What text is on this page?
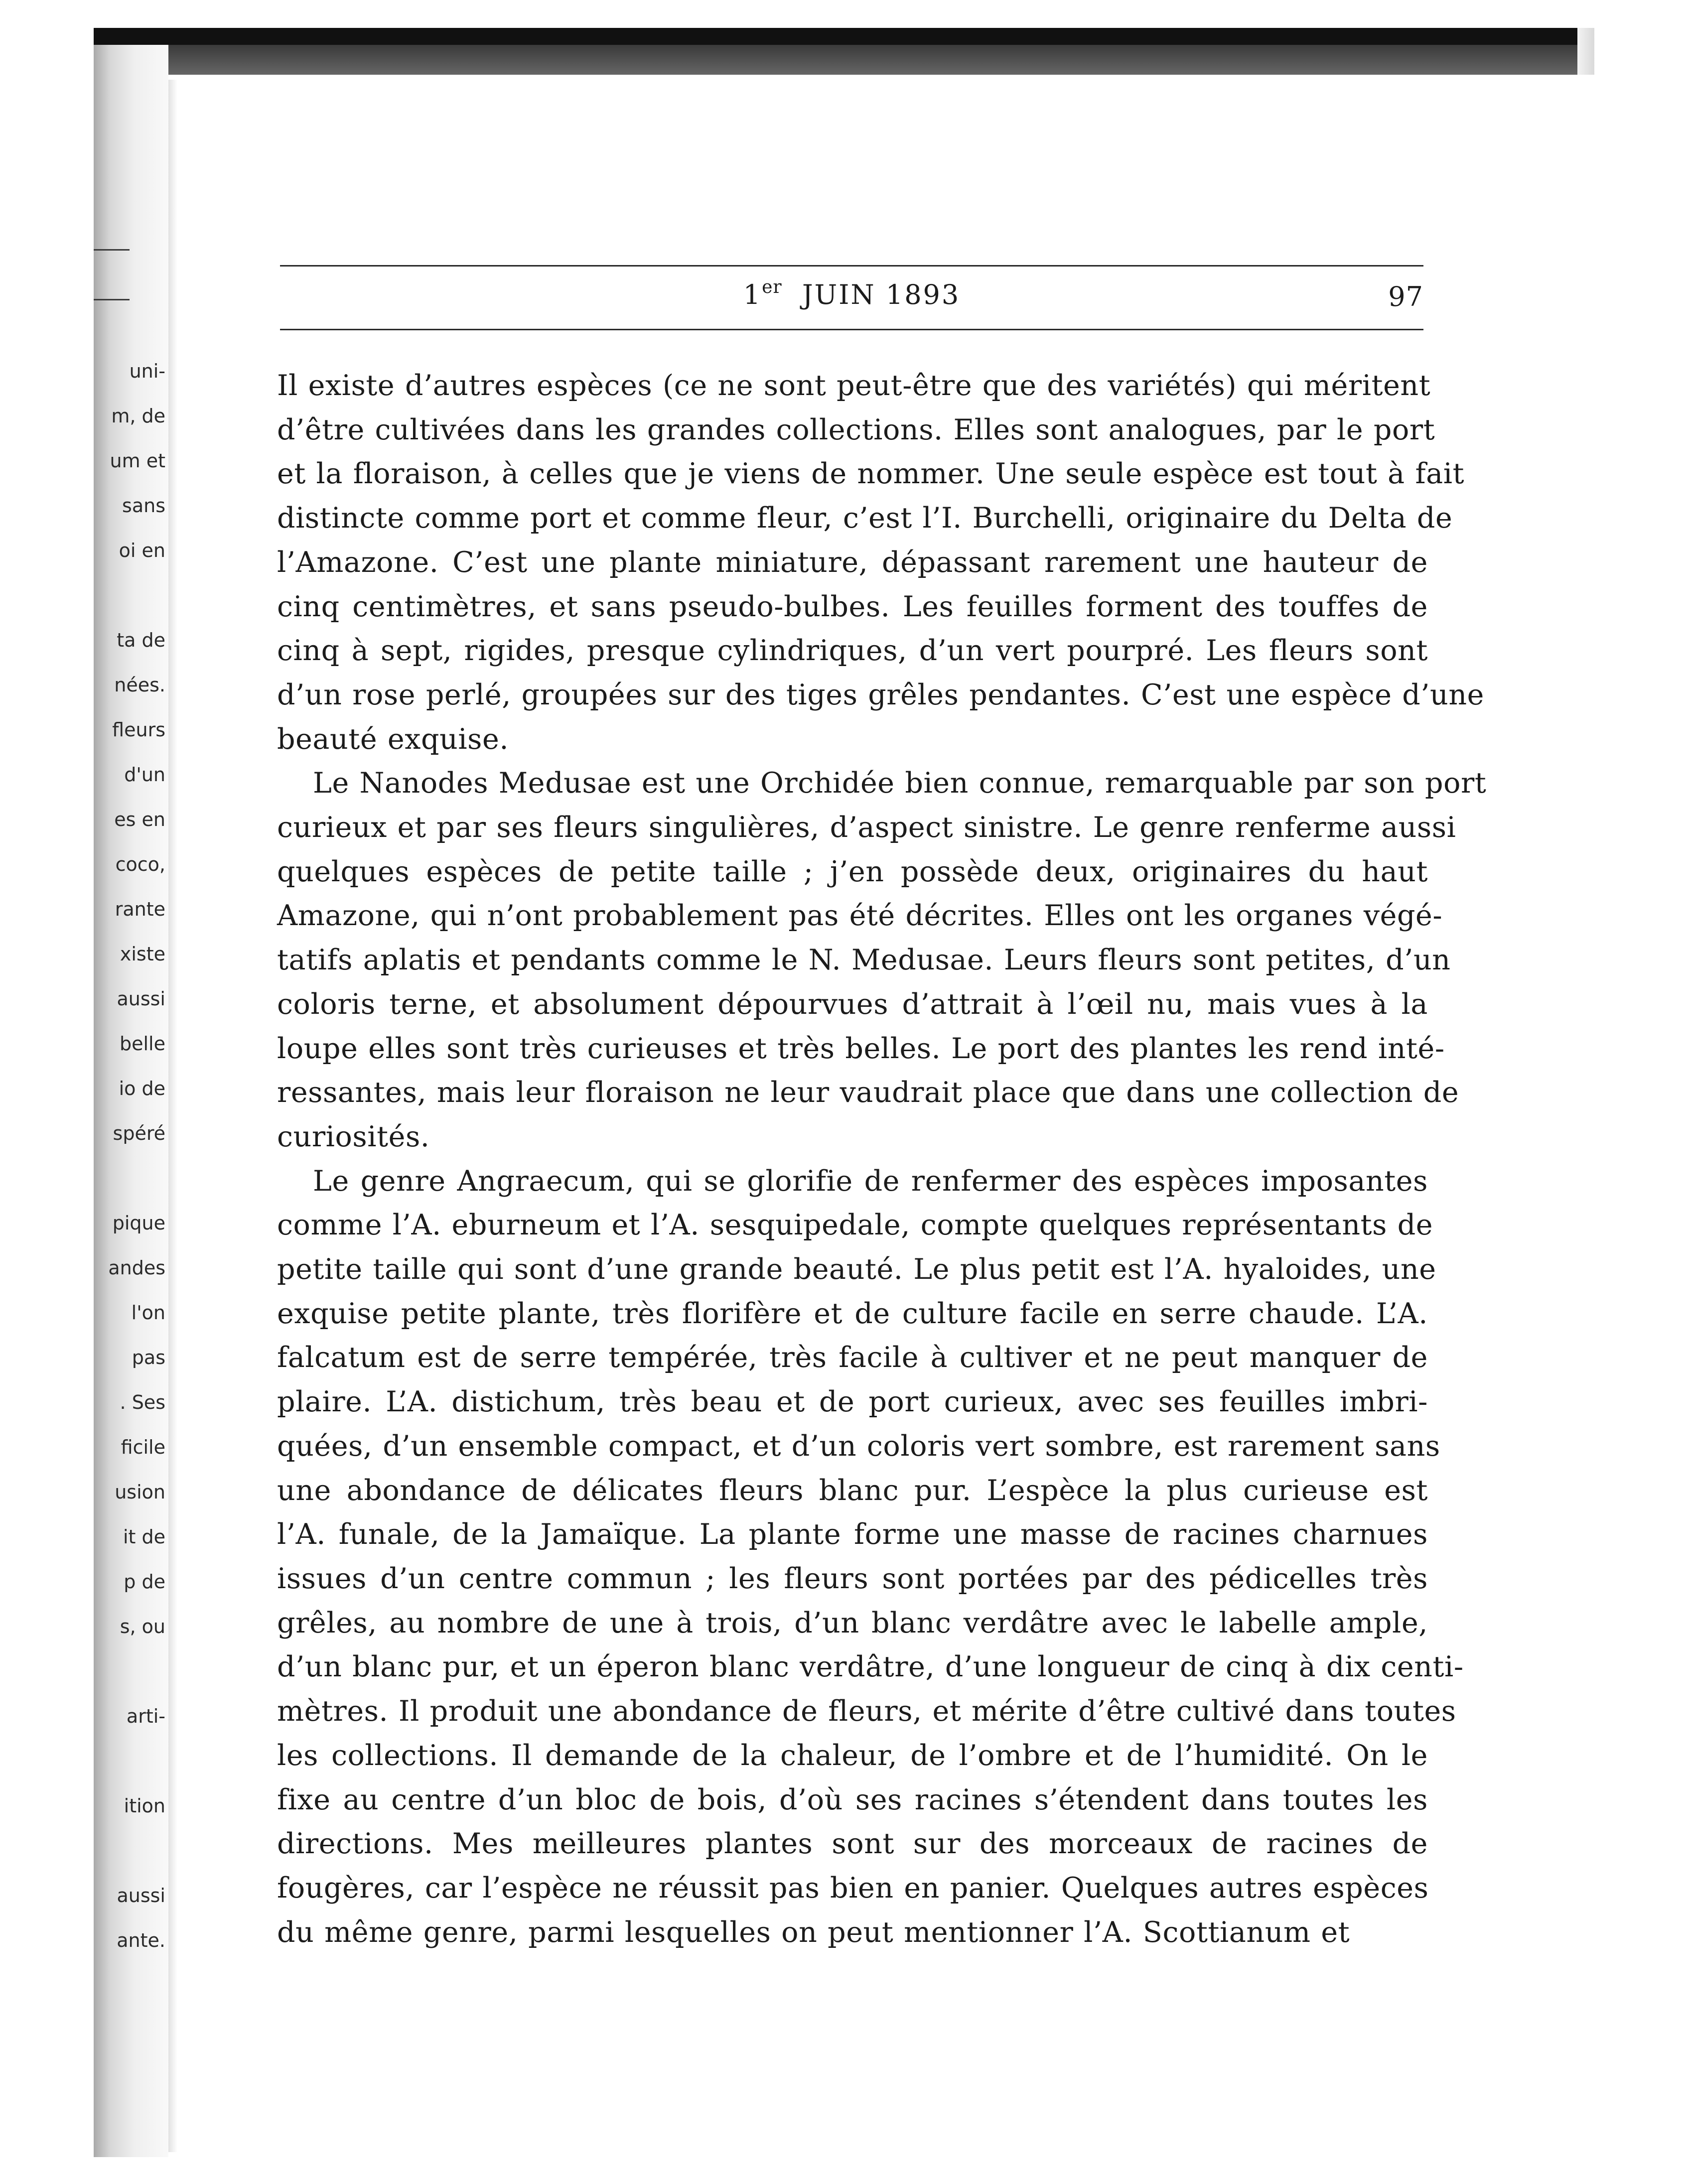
uni-
m, de
um et
sans
oi en

ta de
nées.
fleurs
d'un
es en
coco,
rante
xiste
aussi
belle
io de
spéré

pique
andes
l'on
pas
. Ses
ficile
usion
it de
p de
s, ou

arti-

ition

aussi
ante.
1er JUIN 1893	97

Il existe d’autres espèces (ce ne sont peut-être que des variétés) qui méritent
d’être cultivées dans les grandes collections. Elles sont analogues, par le port
et la floraison, à celles que je viens de nommer. Une seule espèce est tout à fait
distincte comme port et comme fleur, c’est l’I. Burchelli, originaire du Delta de
l’Amazone. C’est une plante miniature, dépassant rarement une hauteur de
cinq centimètres, et sans pseudo-bulbes. Les feuilles forment des touffes de
cinq à sept, rigides, presque cylindriques, d’un vert pourpré. Les fleurs sont
d’un rose perlé, groupées sur des tiges grêles pendantes. C’est une espèce d’une
beauté exquise.

Le Nanodes Medusae est une Orchidée bien connue, remarquable par son port
curieux et par ses fleurs singulières, d’aspect sinistre. Le genre renferme aussi
quelques espèces de petite taille ; j’en possède deux, originaires du haut
Amazone, qui n’ont probablement pas été décrites. Elles ont les organes végé-
tatifs aplatis et pendants comme le N. Medusae. Leurs fleurs sont petites, d’un
coloris terne, et absolument dépourvues d’attrait à l’œil nu, mais vues à la
loupe elles sont très curieuses et très belles. Le port des plantes les rend inté-
ressantes, mais leur floraison ne leur vaudrait place que dans une collection de
curiosités.

Le genre Angraecum, qui se glorifie de renfermer des espèces imposantes
comme l’A. eburneum et l’A. sesquipedale, compte quelques représentants de
petite taille qui sont d’une grande beauté. Le plus petit est l’A. hyaloides, une
exquise petite plante, très florifère et de culture facile en serre chaude. L’A.
falcatum est de serre tempérée, très facile à cultiver et ne peut manquer de
plaire. L’A. distichum, très beau et de port curieux, avec ses feuilles imbri-
quées, d’un ensemble compact, et d’un coloris vert sombre, est rarement sans
une abondance de délicates fleurs blanc pur. L’espèce la plus curieuse est
l’A. funale, de la Jamaïque. La plante forme une masse de racines charnues
issues d’un centre commun ; les fleurs sont portées par des pédicelles très
grêles, au nombre de une à trois, d’un blanc verdâtre avec le labelle ample,
d’un blanc pur, et un éperon blanc verdâtre, d’une longueur de cinq à dix centi-
mètres. Il produit une abondance de fleurs, et mérite d’être cultivé dans toutes
les collections. Il demande de la chaleur, de l’ombre et de l’humidité. On le
fixe au centre d’un bloc de bois, d’où ses racines s’étendent dans toutes les
directions. Mes meilleures plantes sont sur des morceaux de racines de
fougères, car l’espèce ne réussit pas bien en panier. Quelques autres espèces
du même genre, parmi lesquelles on peut mentionner l’A. Scottianum et
